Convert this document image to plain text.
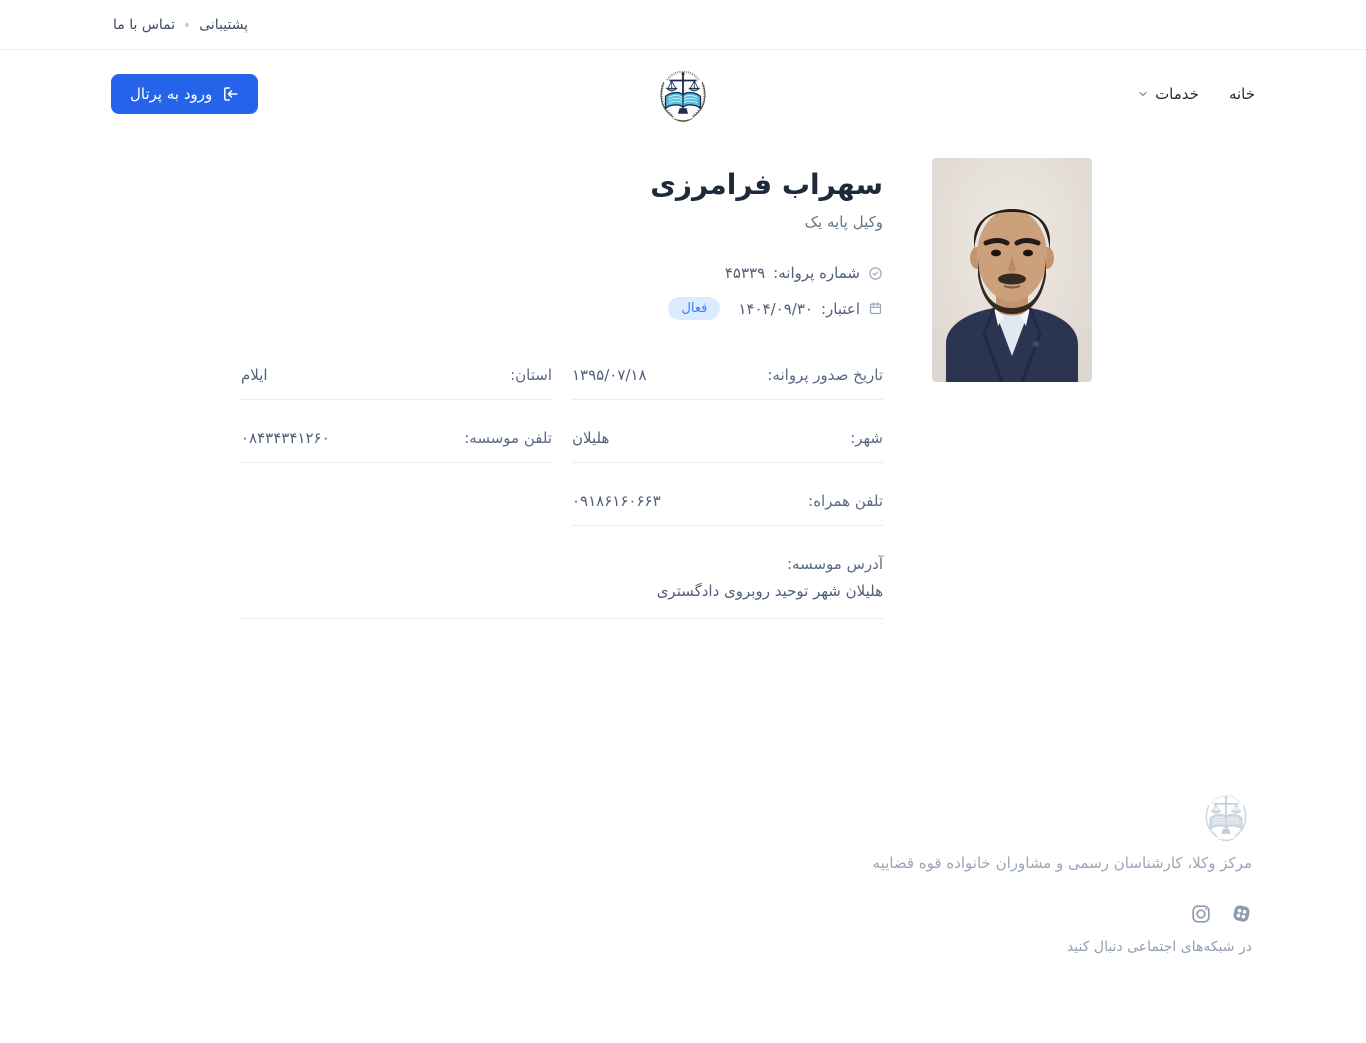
پشتیبانی
تماس با ما
خانه
خدمات
ورود به پرتال
سهراب فرامرزی
وکیل پایه یک
شماره پروانه:
۴۵۳۳۹
اعتبار:
۱۴۰۴/۰۹/۳۰
فعال
تاریخ صدور پروانه:
۱۳۹۵/۰۷/۱۸
استان:
ایلام
شهر:
هلیلان
تلفن موسسه:
۰۸۴۳۴۳۴۱۲۶۰
تلفن همراه:
۰۹۱۸۶۱۶۰۶۶۳
آدرس موسسه:
هلیلان شهر توحید روبروی دادگستری
مرکز وکلا، کارشناسان رسمی و مشاوران خانواده قوه قضاییه
در شبکه‌های اجتماعی دنبال کنید
